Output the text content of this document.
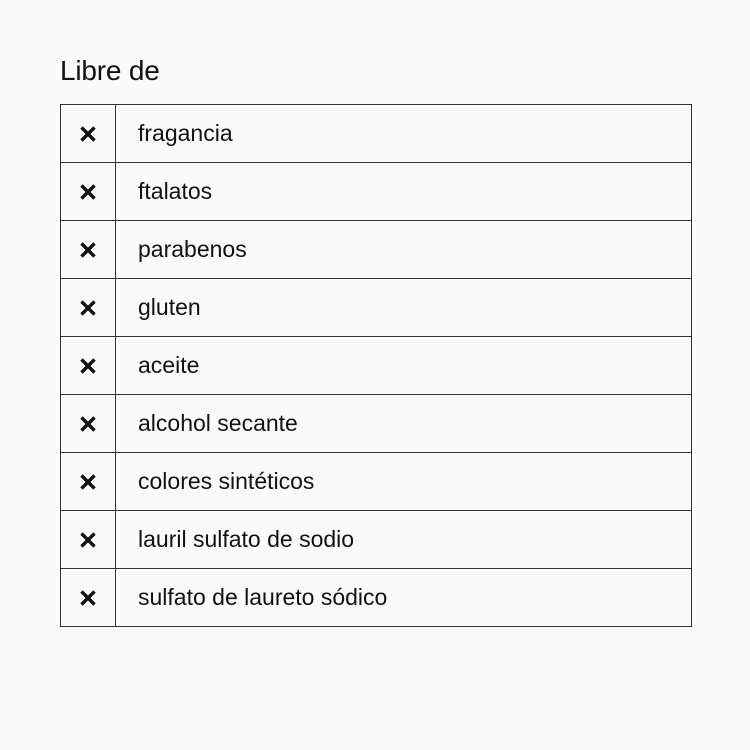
Libre de
	fragancia

	ftalatos

	parabenos

	gluten

	aceite

	alcohol secante

	colores sintéticos

	lauril sulfato de sodio

	sulfato de laureto sódico
